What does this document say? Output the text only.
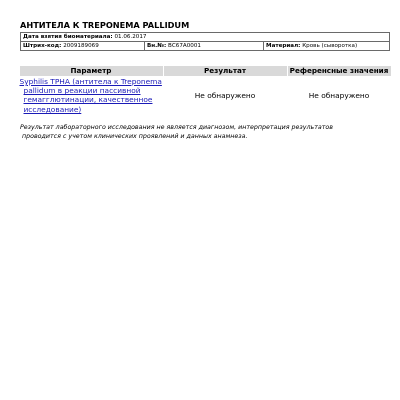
АНТИТЕЛА К TREPONEMA PALLIDUM
Дата взятия биоматериала: 01.06.2017
Штрих-код: 2009189069	Вн.№: ВС67А0001	Материал: Кровь (сыворотка)
Параметр	Результат	Референсные значения

Syphilis TPHA (антитела к Treponema
pallidum в реакции пассивной
гемагглютинации, качественное
исследование)	Не обнаружено	Не обнаружено
Результат лабораторного исследования не является диагнозом, интерпретация результатов
проводится с учетом клинических проявлений и данных анамнеза.
